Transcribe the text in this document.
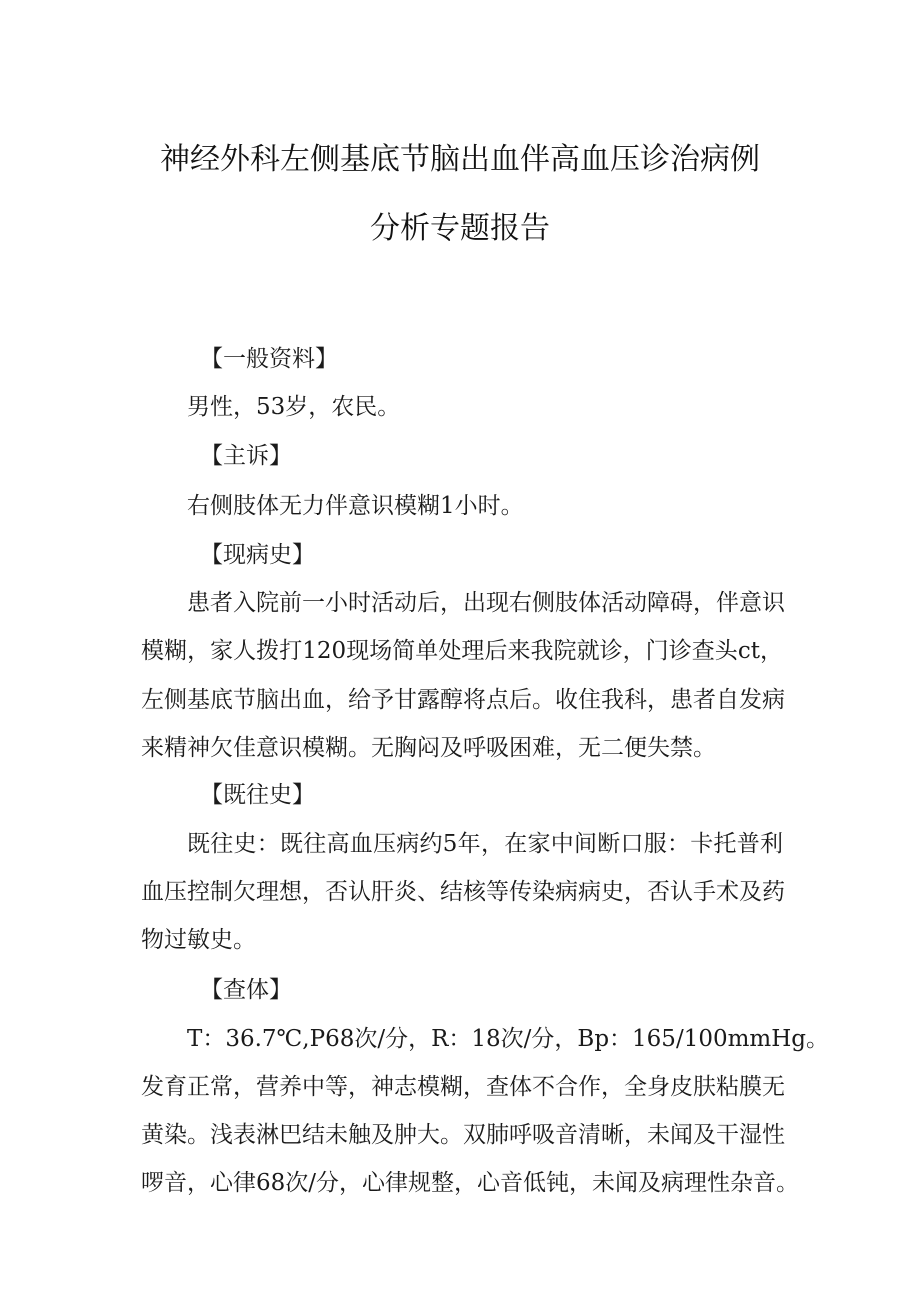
神经外科左侧基底节脑出血伴高血压诊治病例
分析专题报告
【一般资料】
男性，53岁，农民。
【主诉】
右侧肢体无力伴意识模糊1小时。
【现病史】
患者入院前一小时活动后，出现右侧肢体活动障碍，伴意识
模糊，家人拨打120现场简单处理后来我院就诊，门诊查头ct，
左侧基底节脑出血，给予甘露醇将点后。收住我科，患者自发病
来精神欠佳意识模糊。无胸闷及呼吸困难，无二便失禁。
【既往史】
既往史：既往高血压病约5年，在家中间断口服：卡托普利
血压控制欠理想，否认肝炎、结核等传染病病史，否认手术及药
物过敏史。
【查体】
T：36.7℃,P68次/分，R：18次/分，Bp：165/100mmHg。
发育正常，营养中等，神志模糊，查体不合作，全身皮肤粘膜无
黄染。浅表淋巴结未触及肿大。双肺呼吸音清晰，未闻及干湿性
啰音，心律68次/分，心律规整，心音低钝，未闻及病理性杂音。
